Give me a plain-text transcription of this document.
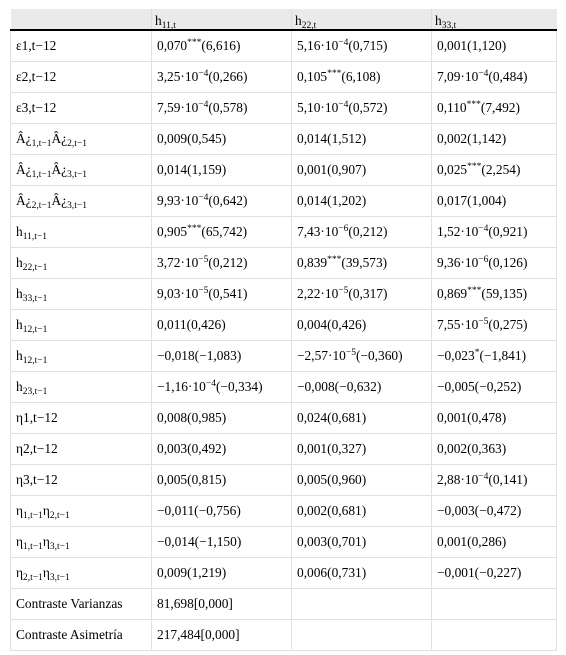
	$h_{11,t}$	$h_{22,t}$	$h_{33,t}$
ε1,t−12	0,070***(6,616)	$5,16\cdot 10^{-4}(0,715)$	0,001(1,120)
ε2,t−12	$3,25\cdot 10^{-4}(0,266)$	0,105***(6,108)	$7,09\cdot 10^{-4}(0,484)$
ε3,t−12	$7,59\cdot 10^{-4}(0,578)$	$5,10\cdot 10^{-4}(0,572)$	0,110***(7,492)
$Â¿_{1,t-1}Â¿_{2,t-1}$	0,009(0,545)	0,014(1,512)	0,002(1,142)
$Â¿_{1,t-1}Â¿_{3,t-1}$	0,014(1,159)	0,001(0,907)	0,025***(2,254)
$Â¿_{2,t-1}Â¿_{3,t-1}$	$9,93\cdot 10^{-4}(0,642)$	0,014(1,202)	0,017(1,004)
$h_{11,t-1}$	0,905***(65,742)	$7,43\cdot 10^{-6}(0,212)$	$1,52\cdot 10^{-4}(0,921)$
$h_{22,t-1}$	$3,72\cdot 10^{-5}(0,212)$	0,839***(39,573)	$9,36\cdot 10^{-6}(0,126)$
$h_{33,t-1}$	$9,03\cdot 10^{-5}(0,541)$	$2,22\cdot 10^{-5}(0,317)$	0,869***(59,135)
$h_{12,t-1}$	0,011(0,426)	0,004(0,426)	$7,55\cdot 10^{-5}(0,275)$
$h_{12,t-1}$	−0,018(−1,083)	$-2,57\cdot 10^{-5}(-0,360)$	−0,023*(−1,841)
$h_{23,t-1}$	$-1,16\cdot 10^{-4}(-0,334)$	−0,008(−0,632)	−0,005(−0,252)
η1,t−12	0,008(0,985)	0,024(0,681)	0,001(0,478)
η2,t−12	0,003(0,492)	0,001(0,327)	0,002(0,363)
η3,t−12	0,005(0,815)	0,005(0,960)	$2,88\cdot 10^{-4}(0,141)$
$\eta_{1,t-1}\eta_{2,t-1}$	−0,011(−0,756)	0,002(0,681)	−0,003(−0,472)
$\eta_{1,t-1}\eta_{3,t-1}$	−0,014(−1,150)	0,003(0,701)	0,001(0,286)
$\eta_{2,t-1}\eta_{3,t-1}$	0,009(1,219)	0,006(0,731)	−0,001(−0,227)
Contraste Varianzas	81,698[0,000]		
Contraste Asimetría	217,484[0,000]		
